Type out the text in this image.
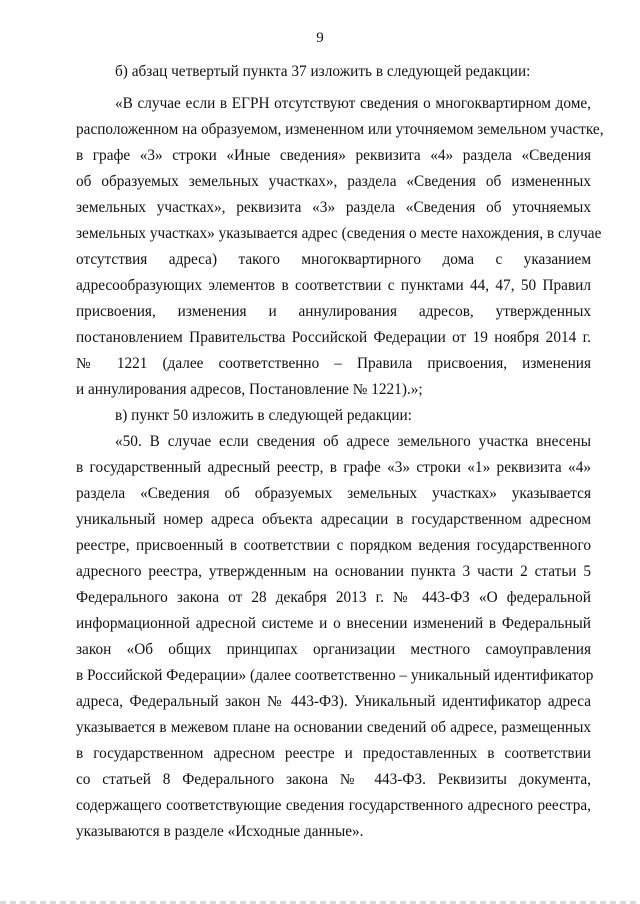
9
б) абзац четвертый пункта 37 изложить в следующей редакции:
«В случае если в ЕГРН отсутствуют сведения о многоквартирном доме,
расположенном на образуемом, измененном или уточняемом земельном участке,
в графе «3» строки «Иные сведения» реквизита «4» раздела «Сведения
об образуемых земельных участках», раздела «Сведения об измененных
земельных участках», реквизита «3» раздела «Сведения об уточняемых
земельных участках» указывается адрес (сведения о месте нахождения, в случае
отсутствия адреса) такого многоквартирного дома с указанием
адресообразующих элементов в соответствии с пунктами 44, 47, 50 Правил
присвоения, изменения и аннулирования адресов, утвержденных
постановлением Правительства Российской Федерации от 19 ноября 2014 г.
№ 1221 (далее соответственно – Правила присвоения, изменения
и аннулирования адресов, Постановление № 1221).»;
в) пункт 50 изложить в следующей редакции:
«50. В случае если сведения об адресе земельного участка внесены
в государственный адресный реестр, в графе «3» строки «1» реквизита «4»
раздела «Сведения об образуемых земельных участках» указывается
уникальный номер адреса объекта адресации в государственном адресном
реестре, присвоенный в соответствии с порядком ведения государственного
адресного реестра, утвержденным на основании пункта 3 части 2 статьи 5
Федерального закона от 28 декабря 2013 г. № 443-ФЗ «О федеральной
информационной адресной системе и о внесении изменений в Федеральный
закон «Об общих принципах организации местного самоуправления
в Российской Федерации» (далее соответственно – уникальный идентификатор
адреса, Федеральный закон № 443-ФЗ). Уникальный идентификатор адреса
указывается в межевом плане на основании сведений об адресе, размещенных
в государственном адресном реестре и предоставленных в соответствии
со статьей 8 Федерального закона № 443-ФЗ. Реквизиты документа,
содержащего соответствующие сведения государственного адресного реестра,
указываются в разделе «Исходные данные».
